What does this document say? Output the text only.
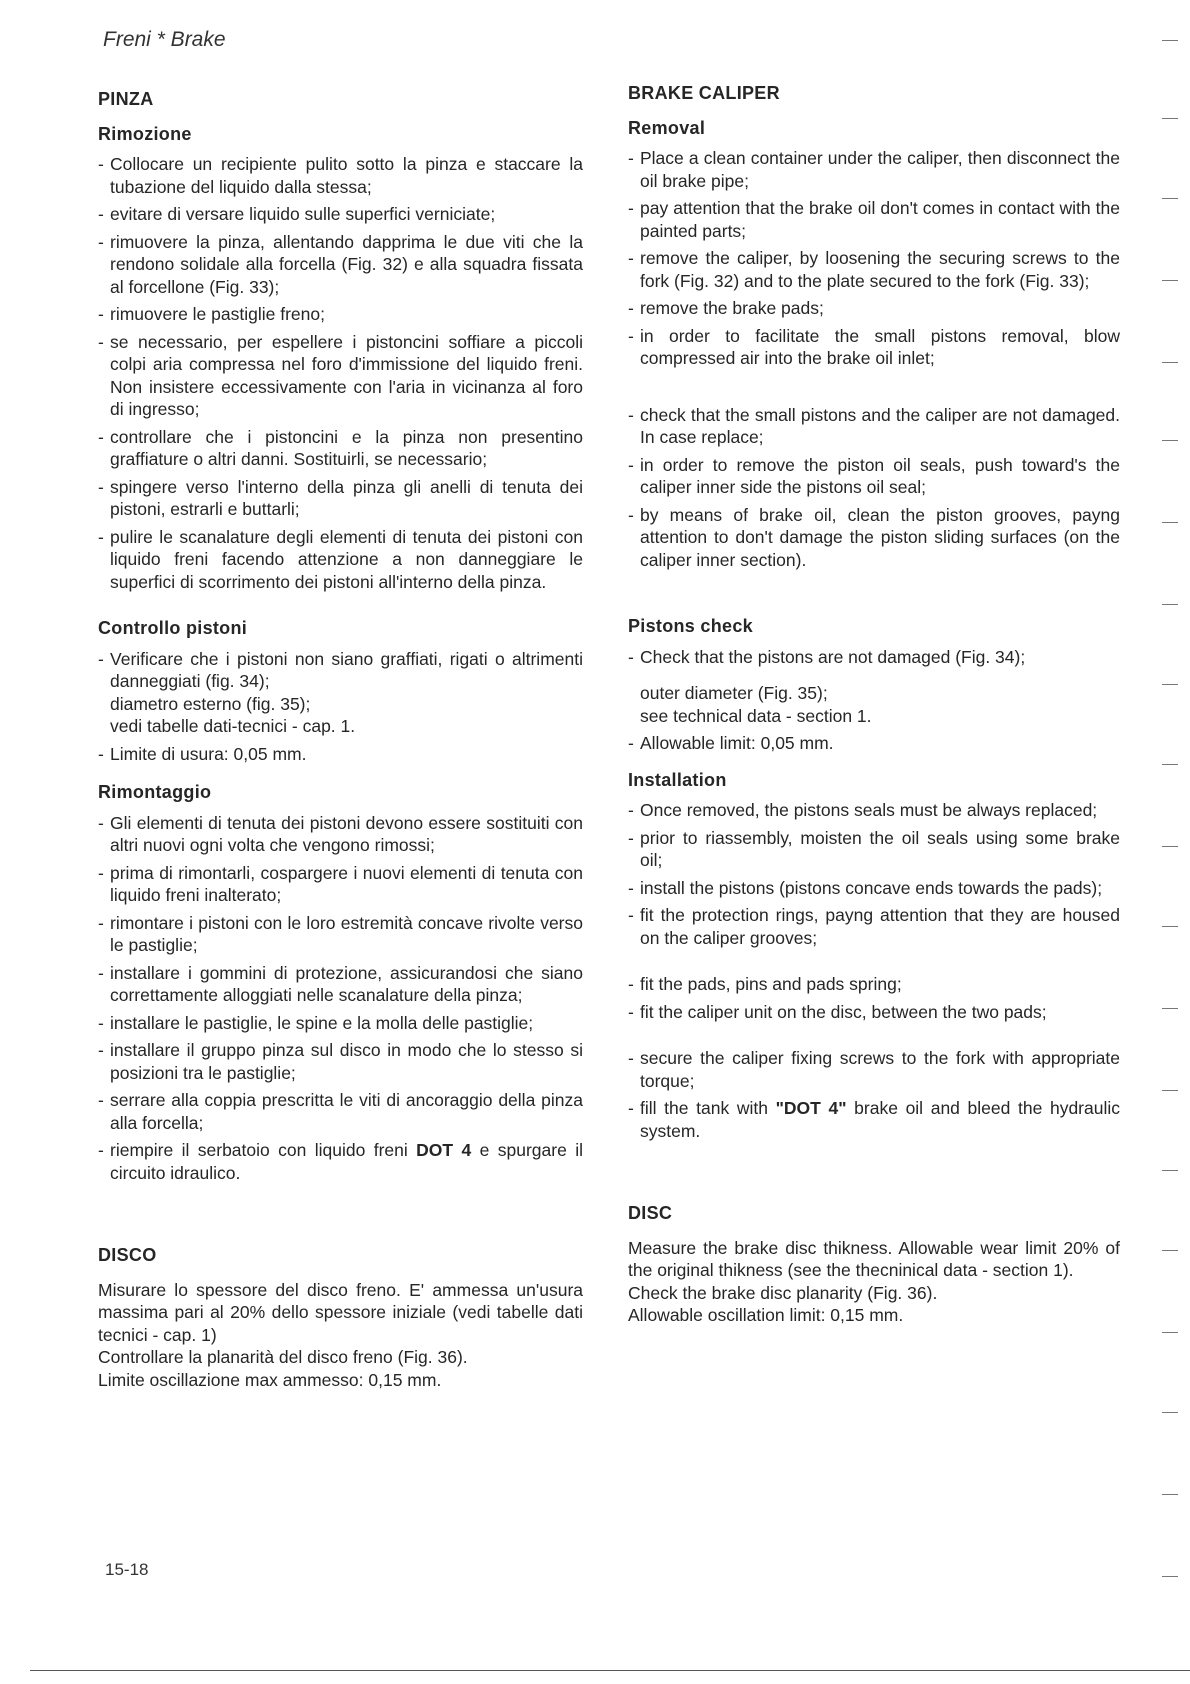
Freni * Brake
PINZA
Rimozione
- Collocare un recipiente pulito sotto la pinza e staccare la tubazione del liquido dalla stessa;
- evitare di versare liquido sulle superfici verniciate;
- rimuovere la pinza, allentando dapprima le due viti che la rendono solidale alla forcella (Fig. 32) e alla squadra fissata al forcellone (Fig. 33);
- rimuovere le pastiglie freno;
- se necessario, per espellere i pistoncini soffiare a piccoli colpi aria compressa nel foro d'immissione del liquido freni. Non insistere eccessivamente con l'aria in vicinanza al foro di ingresso;
- controllare che i pistoncini e la pinza non presentino graffiature o altri danni. Sostituirli, se necessario;
- spingere verso l'interno della pinza gli anelli di tenuta dei pistoni, estrarli e buttarli;
- pulire le scanalature degli elementi di tenuta dei pistoni con liquido freni facendo attenzione a non danneggiare le superfici di scorrimento dei pistoni all'interno della pinza.
Controllo pistoni
- Verificare che i pistoni non siano graffiati, rigati o altrimenti danneggiati (fig. 34);
diametro esterno (fig. 35);
vedi tabelle dati-tecnici - cap. 1.
- Limite di usura: 0,05 mm.
Rimontaggio
- Gli elementi di tenuta dei pistoni devono essere sostituiti con altri nuovi ogni volta che vengono rimossi;
- prima di rimontarli, cospargere i nuovi elementi di tenuta con liquido freni inalterato;
- rimontare i pistoni con le loro estremità concave rivolte verso le pastiglie;
- installare i gommini di protezione, assicurandosi che siano correttamente alloggiati nelle scanalature della pinza;
- installare le pastiglie, le spine e la molla delle pastiglie;
- installare il gruppo pinza sul disco in modo che lo stesso si posizioni tra le pastiglie;
- serrare alla coppia prescritta le viti di ancoraggio della pinza alla forcella;
- riempire il serbatoio con liquido freni DOT 4 e spurgare il circuito idraulico.
DISCO

Misurare lo spessore del disco freno. E' ammessa un'usura massima pari al 20% dello spessore iniziale (vedi tabelle dati tecnici - cap. 1)

Controllare la planarità del disco freno (Fig. 36).

Limite oscillazione max ammesso: 0,15 mm.

BRAKE CALIPER
Removal
- Place a clean container under the caliper, then disconnect the oil brake pipe;
- pay attention that the brake oil don't comes in contact with the painted parts;
- remove the caliper, by loosening the securing screws to the fork (Fig. 32) and to the plate secured to the fork (Fig. 33);
- remove the brake pads;
- in order to facilitate the small pistons removal, blow compressed air into the brake oil inlet;
- check that the small pistons and the caliper are not damaged. In case replace;
- in order to remove the piston oil seals, push toward's the caliper inner side the pistons oil seal;
- by means of brake oil, clean the piston grooves, payng attention to don't damage the piston sliding surfaces (on the caliper inner section).
Pistons check
- Check that the pistons are not damaged (Fig. 34);
outer diameter (Fig. 35);
see technical data - section 1.
- Allowable limit: 0,05 mm.
Installation
- Once removed, the pistons seals must be always replaced;
- prior to riassembly, moisten the oil seals using some brake oil;
- install the pistons (pistons concave ends towards the pads);
- fit the protection rings, payng attention that they are housed on the caliper grooves;
- fit the pads, pins and pads spring;
- fit the caliper unit on the disc, between the two pads;
- secure the caliper fixing screws to the fork with appropriate torque;
- fill the tank with "DOT 4" brake oil and bleed the hydraulic system.
DISC

Measure the brake disc thikness. Allowable wear limit 20% of the original thikness (see the thecninical data - section 1).

Check the brake disc planarity (Fig. 36).

Allowable oscillation limit: 0,15 mm.

15-18
